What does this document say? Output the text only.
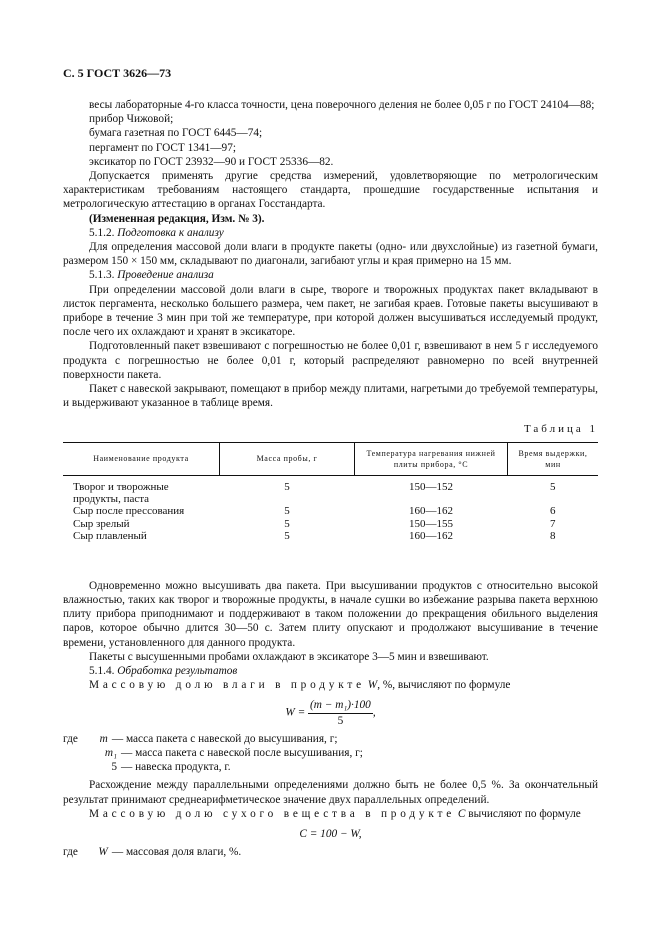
С. 5 ГОСТ 3626—73

весы лабораторные 4-го класса точности, цена поверочного деления не более 0,05 г по ГОСТ 24104—88;

прибор Чижовой;

бумага газетная по ГОСТ 6445—74;

пергамент по ГОСТ 1341—97;

эксикатор по ГОСТ 23932—90 и ГОСТ 25336—82.

Допускается применять другие средства измерений, удовлетворяющие по метрологическим характеристикам требованиям настоящего стандарта, прошедшие государственные испытания и метрологическую аттестацию в органах Госстандарта.

(Измененная редакция, Изм. № 3).

5.1.2. Подготовка к анализу

Для определения массовой доли влаги в продукте пакеты (одно- или двухслойные) из газетной бумаги, размером 150 × 150 мм, складывают по диагонали, загибают углы и края примерно на 15 мм.

5.1.3. Проведение анализа

При определении массовой доли влаги в сыре, твороге и творожных продуктах пакет вкладывают в листок пергамента, несколько большего размера, чем пакет, не загибая краев. Готовые пакеты высушивают в приборе в течение 3 мин при той же температуре, при которой должен высушиваться исследуемый продукт, после чего их охлаждают и хранят в эксикаторе.

Подготовленный пакет взвешивают с погрешностью не более 0,01 г, взвешивают в нем 5 г исследуемого продукта с погрешностью не более 0,01 г, который распределяют равномерно по всей внутренней поверхности пакета.

Пакет с навеской закрывают, помещают в прибор между плитами, нагретыми до требуемой температуры, и выдерживают указанное в таблице время.

Таблица 1
Наименование продукта	Масса пробы, г	Температура нагревания нижней плиты прибора, °C	Время выдержки, мин
Творог и творожные продукты, паста	5	150—152	5
Сыр после прессования	5	160—162	6
Сыр зрелый	5	150—155	7
Сыр плавленый	5	160—162	8

Одновременно можно высушивать два пакета. При высушивании продуктов с относительно высокой влажностью, таких как творог и творожные продукты, в начале сушки во избежание разрыва пакета верхнюю плиту прибора приподнимают и поддерживают в таком положении до прекращения обильного выделения паров, которое обычно длится 30—50 с. Затем плиту опускают и продолжают высушивание в течение времени, установленного для данного продукта.

Пакеты с высушенными пробами охлаждают в эксикаторе 3—5 мин и взвешивают.

5.1.4. Обработка результатов

Массовую долю влаги в продукте W, %, вычисляют по формуле

$W = \frac{\text{(m − m₁)·100}}{5}$ ,
где	m — масса пакета с навеской до высушивания, г;
m₁ — масса пакета с навеской после высушивания, г;
5 — навеска продукта, г.

Расхождение между параллельными определениями должно быть не более 0,5 %. За окончательный результат принимают среднеарифметическое значение двух параллельных определений.

Массовую долю сухого вещества в продукте C вычисляют по формуле

C = 100 − W,
где	W — массовая доля влаги, %.
